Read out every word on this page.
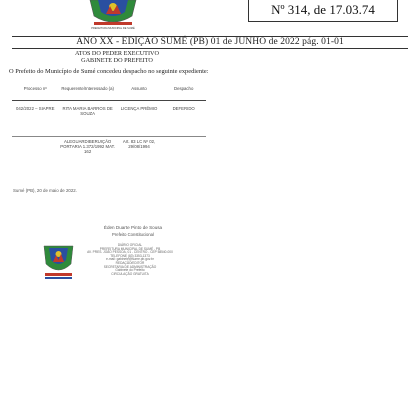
PREFEITURA MUNICIPAL DE SUMÉ
Nº 314, de 17.03.74
ANO XX - EDIÇÃO SUMÉ (PB) 01 de JUNHO de 2022 pág. 01-01
ATOS DO PEDER EXECUTIVO
GABINETE DO PREFEITO
O Prefeito do Município de Sumé concedeu despacho no seguinte expediente:
Processo nº	Requerente/Interessado (a)	Assunto	Despacho
042/2022 – SIAPRE	RITA MARIA BARROS DE SOUZA	LICENÇA PRÊMIO	DEFERIDO
	ALEGUARDIBERUIÇÃO PORTARIA 1.372/1992 MAT. 162	Art. 83 LC Nº 02, 29/08/1994	
Sumé (PB), 20 de maio de 2022.
Éden Duarte Pinto de Sousa
Prefeito Constitucional
DIÁRIO OFICIAL
PREFEITURA MUNICIPAL DE SUMÉ - PB
AV. PRES. JOÃO PESSOA, 01 - CENTRO - CEP 58540-000
TELEFONE (83) 3353-1373
e-mail: gabinete@sume.pb.gov.br
REDAÇÃO/EDITOR
SECRETARIA DE ADMINISTRAÇÃO
Gabinete do Prefeito
CIRCULAÇÃO GRATUITA
